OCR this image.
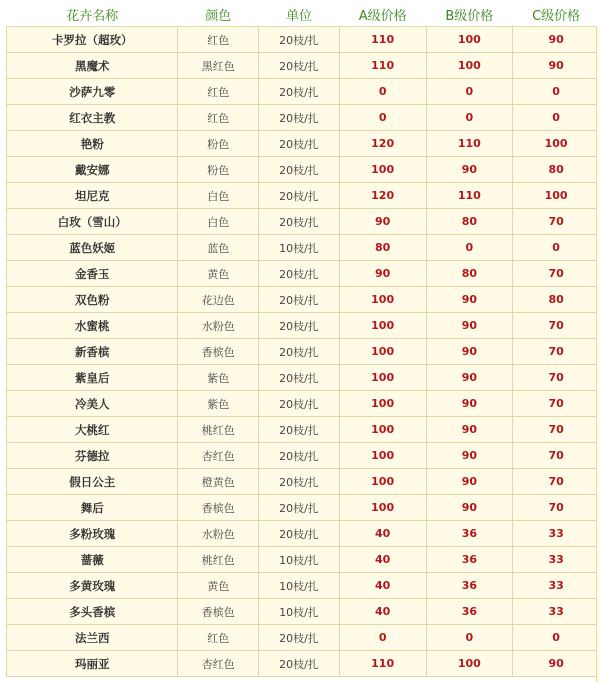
花卉名称	颜色	单位	A级价格	B级价格	C级价格
卡罗拉（超玫）	红色	20枝/扎	110	100	90
黑魔术	黑红色	20枝/扎	110	100	90
沙萨九零	红色	20枝/扎	0	0	0
红衣主教	红色	20枝/扎	0	0	0
艳粉	粉色	20枝/扎	120	110	100
戴安娜	粉色	20枝/扎	100	90	80
坦尼克	白色	20枝/扎	120	110	100
白玫（雪山）	白色	20枝/扎	90	80	70
蓝色妖姬	蓝色	10枝/扎	80	0	0
金香玉	黄色	20枝/扎	90	80	70
双色粉	花边色	20枝/扎	100	90	80
水蜜桃	水粉色	20枝/扎	100	90	70
新香槟	香槟色	20枝/扎	100	90	70
紫皇后	紫色	20枝/扎	100	90	70
冷美人	紫色	20枝/扎	100	90	70
大桃红	桃红色	20枝/扎	100	90	70
芬德拉	杏红色	20枝/扎	100	90	70
假日公主	橙黄色	20枝/扎	100	90	70
舞后	香槟色	20枝/扎	100	90	70
多粉玫瑰	水粉色	20枝/扎	40	36	33
蔷薇	桃红色	10枝/扎	40	36	33
多黄玫瑰	黄色	10枝/扎	40	36	33
多头香槟	香槟色	10枝/扎	40	36	33
法兰西	红色	20枝/扎	0	0	0
玛丽亚	杏红色	20枝/扎	110	100	90
